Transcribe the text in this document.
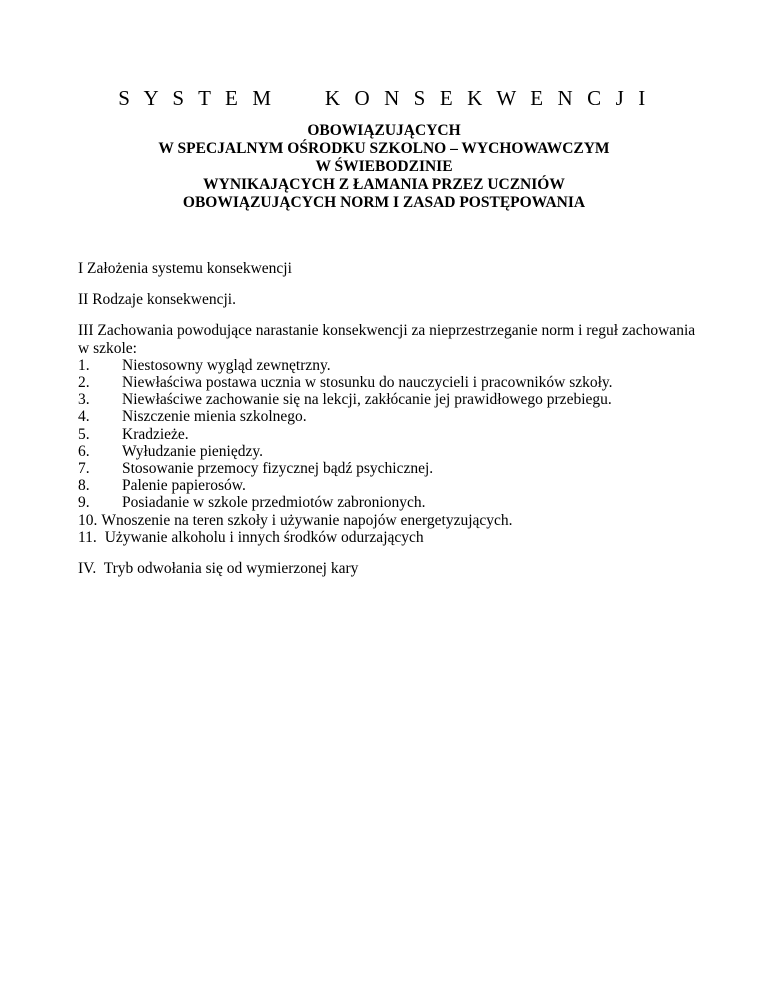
S Y S T E M     K O N S E K W E N C J I
OBOWIĄZUJĄCYCH
W SPECJALNYM OŚRODKU SZKOLNO – WYCHOWAWCZYM
W ŚWIEBODZINIE
WYNIKAJĄCYCH Z ŁAMANIA PRZEZ UCZNIÓW
OBOWIĄZUJĄCYCH NORM I ZASAD POSTĘPOWANIA

I Założenia systemu konsekwencji

II Rodzaje konsekwencji.

III Zachowania powodujące narastanie konsekwencji za nieprzestrzeganie norm i reguł zachowania w szkole:

1.	Niestosowny wygląd zewnętrzny.
2.	Niewłaściwa postawa ucznia w stosunku do nauczycieli i pracowników szkoły.
3.	Niewłaściwe zachowanie się na lekcji, zakłócanie jej prawidłowego przebiegu.
4.	Niszczenie mienia szkolnego.
5.	Kradzieże.
6.	Wyłudzanie pieniędzy.
7.	Stosowanie przemocy fizycznej bądź psychicznej.
8.	Palenie papierosów.
9.	Posiadanie w szkole przedmiotów zabronionych.
10. Wnoszenie na teren szkoły i używanie napojów energetyzujących.
11. Używanie alkoholu i innych środków odurzających

IV.  Tryb odwołania się od wymierzonej kary
